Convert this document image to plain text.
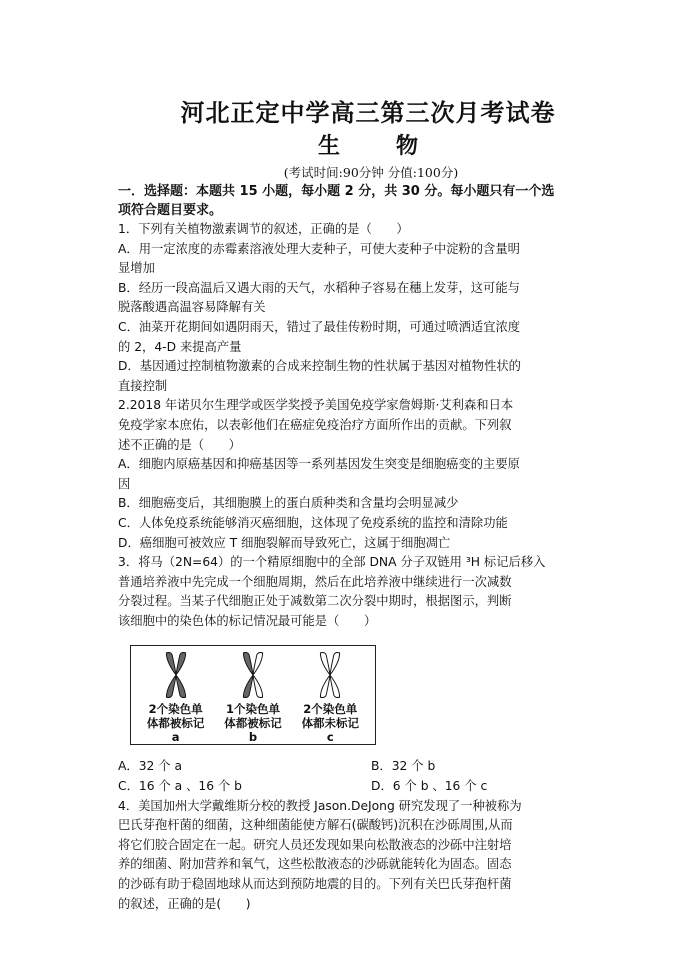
河北正定中学高三第三次月考试卷
生	物
(考试时间:90分钟 分值:100分)
一．选择题：本题共 15 小题，每小题 2 分，共 30 分。每小题只有一个选
项符合题目要求。

1．下列有关植物激素调节的叙述，正确的是（　　）

A．用一定浓度的赤霉素溶液处理大麦种子，可使大麦种子中淀粉的含量明

显增加

B．经历一段高温后又遇大雨的天气，水稻种子容易在穗上发芽，这可能与

脱落酸遇高温容易降解有关

C．油菜开花期间如遇阴雨天，错过了最佳传粉时期，可通过喷洒适宜浓度

的 2，4-D 来提高产量

D．基因通过控制植物激素的合成来控制生物的性状属于基因对植物性状的

直接控制

2.2018 年诺贝尔生理学或医学奖授予美国免疫学家詹姆斯·艾利森和日本

免疫学家本庶佑，以表彰他们在癌症免疫治疗方面所作出的贡献。下列叙

述不正确的是（　　）

A．细胞内原癌基因和抑癌基因等一系列基因发生突变是细胞癌变的主要原

因

B．细胞癌变后，其细胞膜上的蛋白质种类和含量均会明显减少

C．人体免疫系统能够消灭癌细胞，这体现了免疫系统的监控和清除功能

D．癌细胞可被效应 T 细胞裂解而导致死亡，这属于细胞凋亡

3．将马（2N=64）的一个精原细胞中的全部 DNA 分子双链用 ³H 标记后移入

普通培养液中先完成一个细胞周期，然后在此培养液中继续进行一次减数

分裂过程。当某子代细胞正处于减数第二次分裂中期时，根据图示，判断

该细胞中的染色体的标记情况最可能是（　　）

2个染色单
体都被标记
a
1个染色单
体都被标记
b
2个染色单
体都未标记
c

A．32 个 a	B．32 个 b

C．16 个 a 、16 个 b	D．6 个 b 、16 个 c

4．美国加州大学戴维斯分校的教授 Jason.DeJong 研究发现了一种被称为

巴氏芽孢杆菌的细菌，这种细菌能使方解石(碳酸钙)沉积在沙砾周围,从而

将它们胶合固定在一起。研究人员还发现如果向松散液态的沙砾中注射培

养的细菌、附加营养和氧气，这些松散液态的沙砾就能转化为固态。固态

的沙砾有助于稳固地球从而达到预防地震的目的。下列有关巴氏芽孢杆菌

的叙述，正确的是(　　)
